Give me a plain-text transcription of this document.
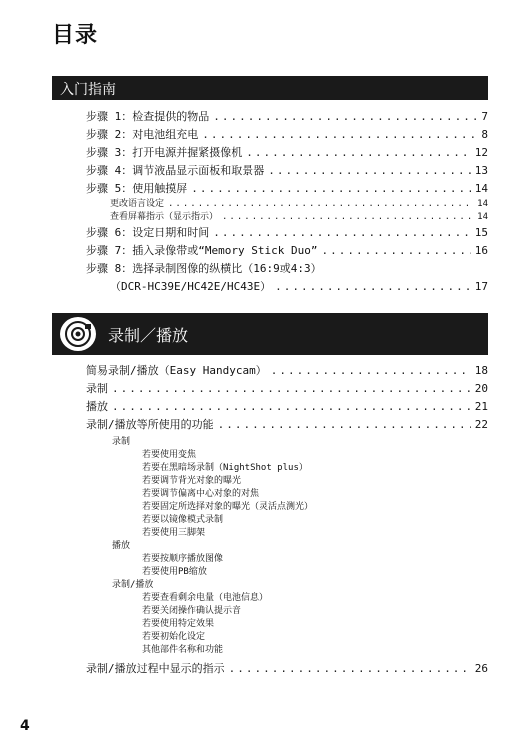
目录
入门指南
步骤 1：检查提供的物品 .....	7
步骤 2：对电池组充电 .....	8
步骤 3：打开电源并握紧摄像机 .....	12
步骤 4：调节液晶显示面板和取景器 .....	13
步骤 5：使用触摸屏 .....	14
更改语言设定 .....	14
查看屏幕指示（显示指示） .....	14
步骤 6：设定日期和时间 .....	15
步骤 7：插入录像带或“Memory Stick Duo” .....	16
步骤 8：选择录制图像的纵横比（16:9或4:3）
（DCR-HC39E/HC42E/HC43E） .....	17
录制／播放
简易录制/播放（Easy Handycam） .....	18
录制 .....	20
播放 .....	21
录制/播放等所使用的功能 .....	22
录制
若要使用变焦
若要在黑暗场录制（NightShot plus）
若要调节背光对象的曝光
若要调节偏离中心对象的对焦
若要固定所选择对象的曝光（灵活点测光）
若要以镜像模式录制
若要使用三脚架
播放
若要按顺序播放图像
若要使用PB缩放
录制/播放
若要查看剩余电量（电池信息）
若要关闭操作确认提示音
若要使用特定效果
若要初始化设定
其他部件名称和功能
录制/播放过程中显示的指示 .....	26
4
